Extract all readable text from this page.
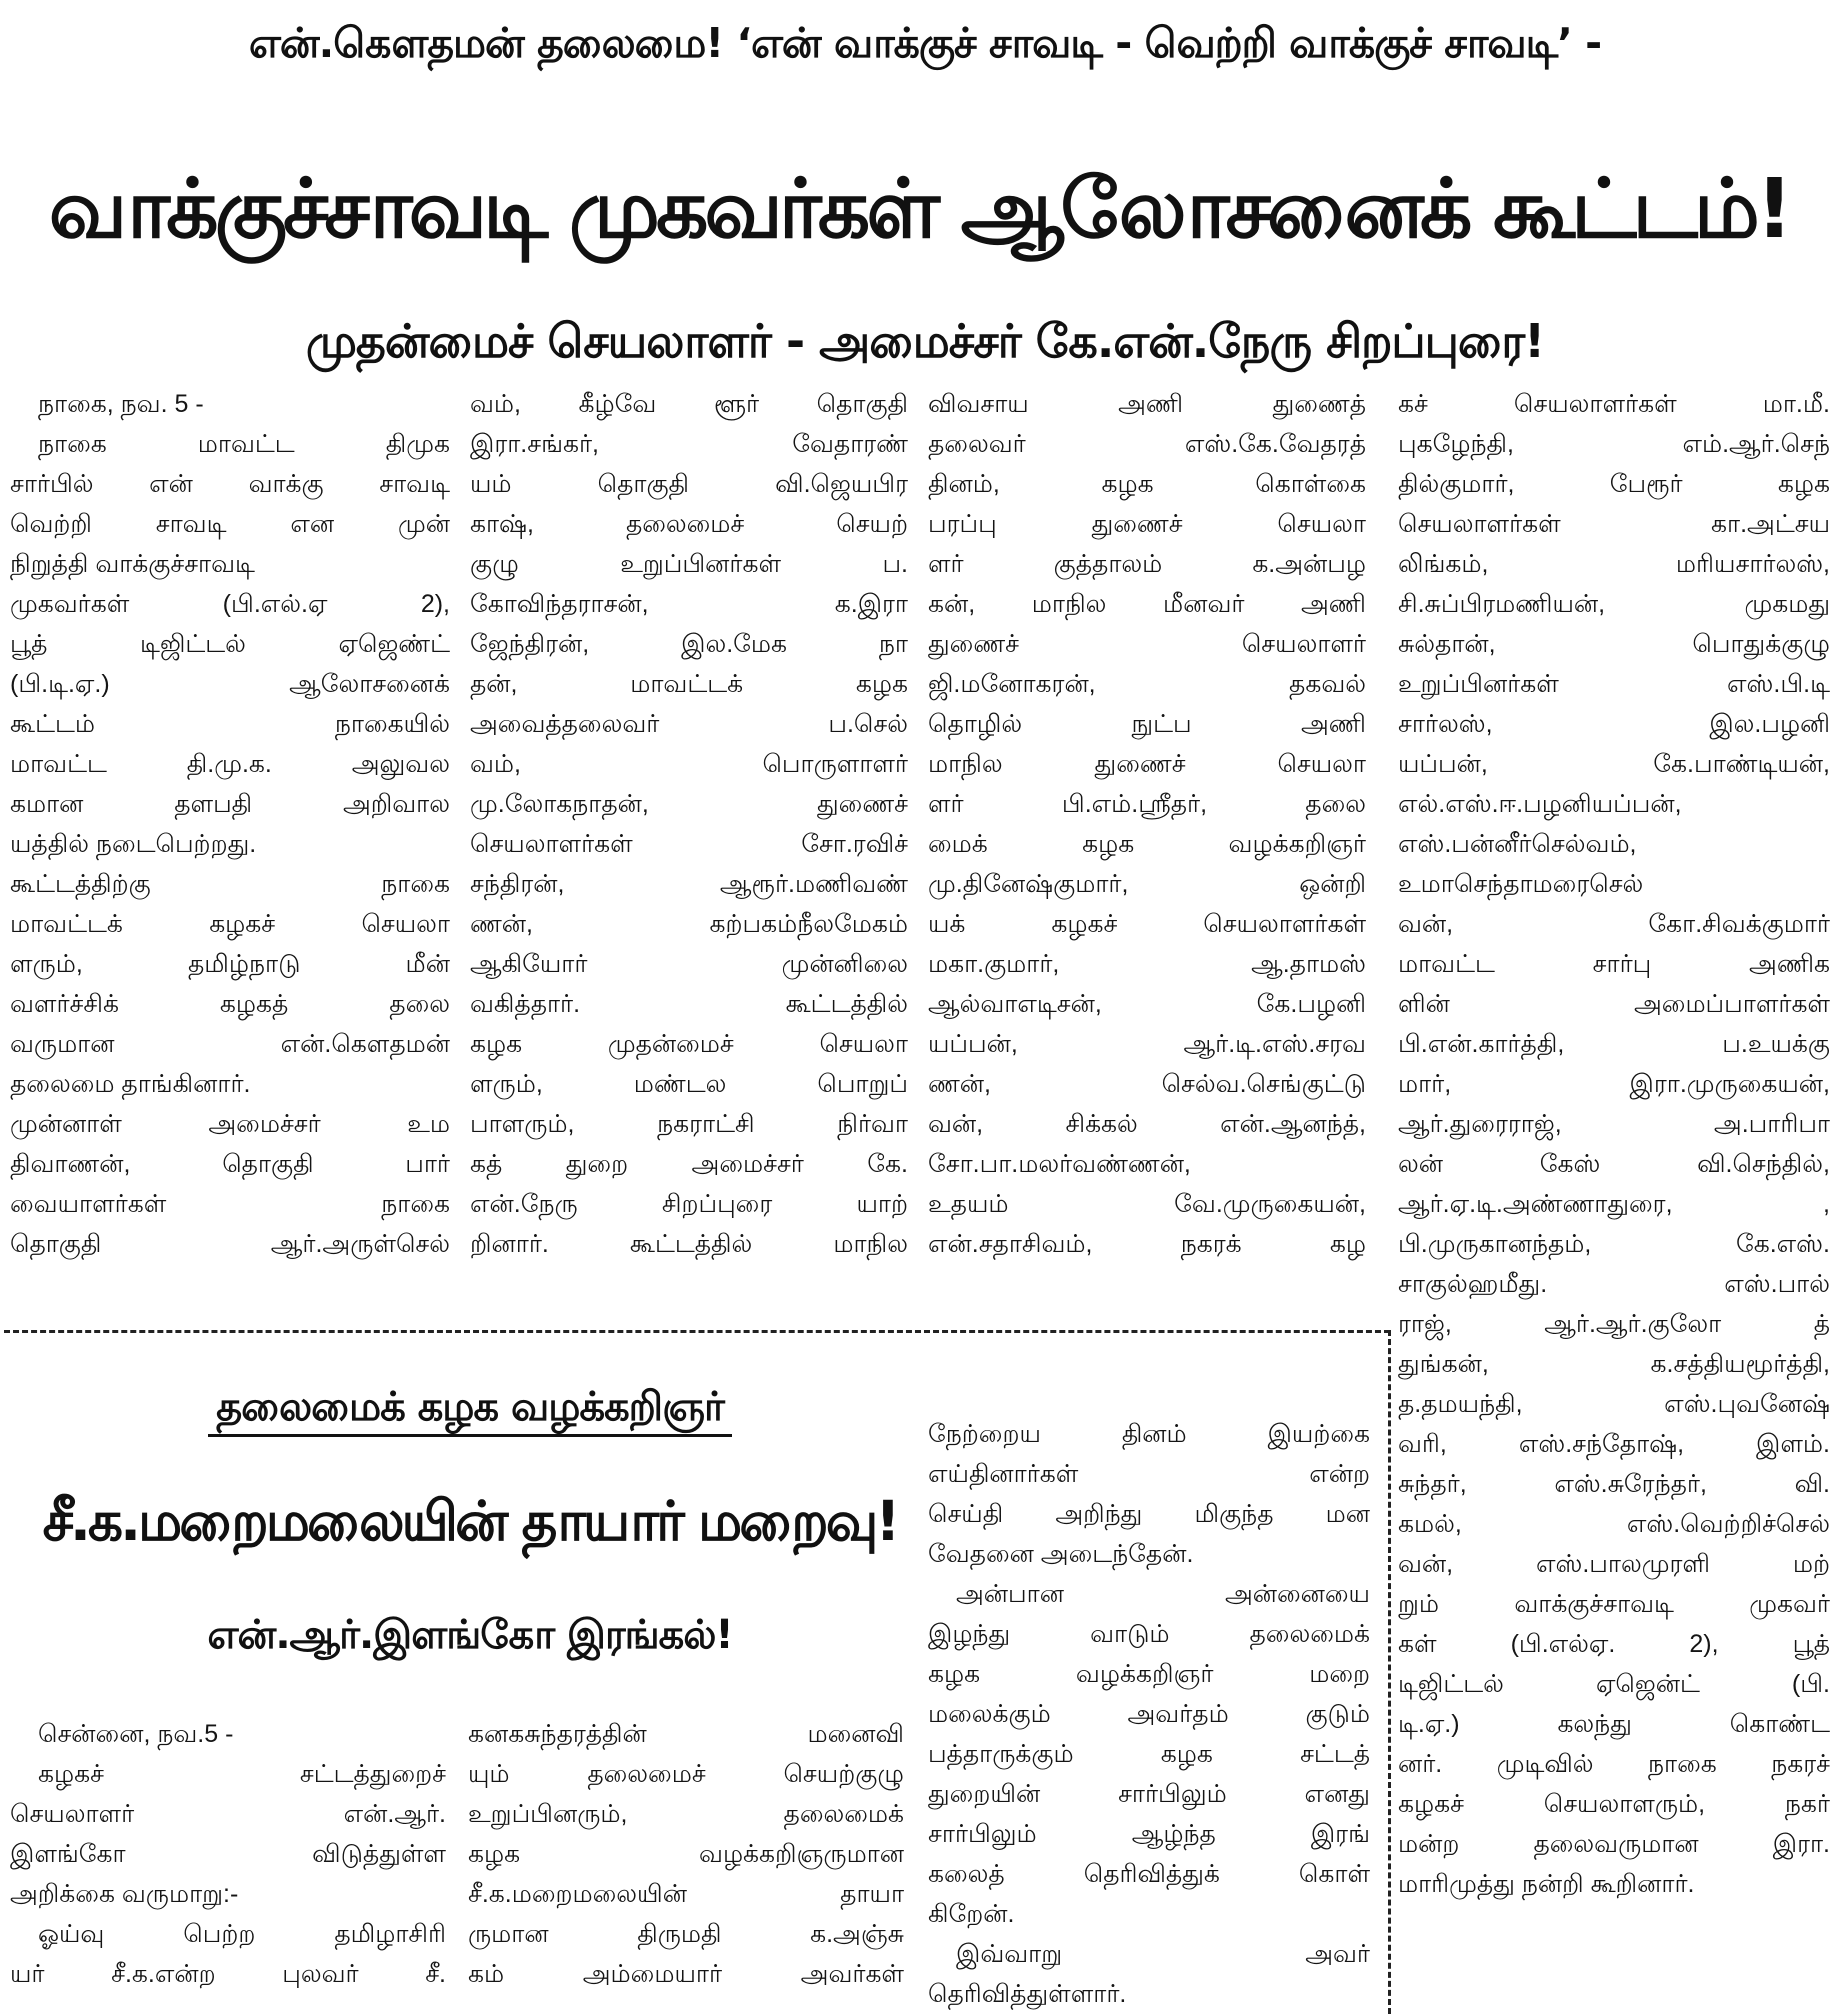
என்.கௌதமன் தலைமை! ‘என் வாக்குச் சாவடி - வெற்றி வாக்குச் சாவடி’ -
வாக்குச்சாவடி முகவர்கள் ஆலோசனைக் கூட்டம்!
முதன்மைச் செயலாளர் - அமைச்சர் கே.என்.நேரு சிறப்புரை!
நாகை, நவ. 5 -
நாகை மாவட்ட திமுக
சார்பில் என் வாக்கு சாவடி
வெற்றி சாவடி என முன்
நிறுத்தி வாக்குச்சாவடி
முகவர்கள் (பி.எல்.ஏ 2),
பூத் டிஜிட்டல் ஏஜெண்ட்
(பி.டி.ஏ.) ஆலோசனைக்
கூட்டம் நாகையில்
மாவட்ட தி.மு.க. அலுவல
கமான தளபதி அறிவால
யத்தில் நடைபெற்றது.
கூட்டத்திற்கு நாகை
மாவட்டக் கழகச் செயலா
ளரும், தமிழ்நாடு மீன்
வளர்ச்சிக் கழகத் தலை
வருமான என்.கௌதமன்
தலைமை தாங்கினார்.
முன்னாள் அமைச்சர் உம
திவாணன், தொகுதி பார்
வையாளர்கள் நாகை
தொகுதி ஆர்.அருள்செல்
வம், கீழ்வே ளூர் தொகுதி
இரா.சங்கர், வேதாரண்
யம் தொகுதி வி.ஜெயபிர
காஷ், தலைமைச் செயற்
குழு உறுப்பினர்கள் ப.
கோவிந்தராசன், க.இரா
ஜேந்திரன், இல.மேக நா
தன், மாவட்டக் கழக
அவைத்தலைவர் ப.செல்
வம், பொருளாளர்
மு.லோகநாதன், துணைச்
செயலாளர்கள் சோ.ரவிச்
சந்திரன், ஆரூர்.மணிவண்
ணன், கற்பகம்நீலமேகம்
ஆகியோர் முன்னிலை
வகித்தார். கூட்டத்தில்
கழக முதன்மைச் செயலா
ளரும், மண்டல பொறுப்
பாளரும், நகராட்சி நிர்வா
கத் துறை அமைச்சர் கே.
என்.நேரு சிறப்புரை யாற்
றினார். கூட்டத்தில் மாநில
விவசாய அணி துணைத்
தலைவர் எஸ்.கே.வேதரத்
தினம், கழக கொள்கை
பரப்பு துணைச் செயலா
ளர் குத்தாலம் க.அன்பழ
கன், மாநில மீனவர் அணி
துணைச் செயலாளர்
ஜி.மனோகரன், தகவல்
தொழில் நுட்ப அணி
மாநில துணைச் செயலா
ளர் பி.எம்.ஸ்ரீதர், தலை
மைக் கழக வழக்கறிஞர்
மு.தினேஷ்குமார், ஒன்றி
யக் கழகச் செயலாளர்கள்
மகா.குமார், ஆ.தாமஸ்
ஆல்வாஎடிசன், கே.பழனி
யப்பன், ஆர்.டி.எஸ்.சரவ
ணன், செல்வ.செங்குட்டு
வன், சிக்கல் என்.ஆனந்த்,
சோ.பா.மலர்வண்ணன்,
உதயம் வே.முருகையன்,
என்.சதாசிவம், நகரக் கழ
கச் செயலாளர்கள் மா.மீ.
புகழேந்தி, எம்.ஆர்.செந்
தில்குமார், பேரூர் கழக
செயலாளர்கள் கா.அட்சய
லிங்கம், மரியசார்லஸ்,
சி.சுப்பிரமணியன், முகமது
சுல்தான், பொதுக்குழு
உறுப்பினர்கள் எஸ்.பி.டி
சார்லஸ், இல.பழனி
யப்பன், கே.பாண்டியன்,
எல்.எஸ்.ஈ.பழனியப்பன்,
எஸ்.பன்னீர்செல்வம்,
உமாசெந்தாமரைசெல்
வன், கோ.சிவக்குமார்
மாவட்ட சார்பு அணிக
ளின் அமைப்பாளர்கள்
பி.என்.கார்த்தி, ப.உயக்கு
மார், இரா.முருகையன்,
ஆர்.துரைராஜ், அ.பாரிபா
லன் கேஸ் வி.செந்தில்,
ஆர்.ஏ.டி.அண்ணாதுரை, ,
பி.முருகானந்தம், கே.எஸ்.
சாகுல்ஹமீது. எஸ்.பால்
ராஜ், ஆர்.ஆர்.குலோ த்
துங்கன், க.சத்தியமூர்த்தி,
த.தமயந்தி, எஸ்.புவனேஷ்
வரி, எஸ்.சந்தோஷ், இளம்.
சுந்தர், எஸ்.சுரேந்தர், வி.
கமல், எஸ்.வெற்றிச்செல்
வன், எஸ்.பாலமுரளி மற்
றும் வாக்குச்சாவடி முகவர்
கள் (பி.எல்ஏ. 2), பூத்
டிஜிட்டல் ஏஜென்ட் (பி.
டி.ஏ.) கலந்து கொண்ட
னர். முடிவில் நாகை நகரச்
கழகச் செயலாளரும், நகர்
மன்ற தலைவருமான இரா.
மாரிமுத்து நன்றி கூறினார்.
தலைமைக் கழக வழக்கறிஞர்
சீ.க.மறைமலையின் தாயார் மறைவு!
என்.ஆர்.இளங்கோ இரங்கல்!
சென்னை, நவ.5 -
கழகச் சட்டத்துறைச்
செயலாளர் என்.ஆர்.
இளங்கோ விடுத்துள்ள
அறிக்கை வருமாறு:-
ஓய்வு பெற்ற தமிழாசிரி
யர் சீ.க.என்ற புலவர் சீ.
கனகசுந்தரத்தின் மனைவி
யும் தலைமைச் செயற்குழு
உறுப்பினரும், தலைமைக்
கழக வழக்கறிஞருமான
சீ.க.மறைமலையின் தாயா
ருமான திருமதி க.அஞ்சு
கம் அம்மையார் அவர்கள்
நேற்றைய தினம் இயற்கை
எய்தினார்கள் என்ற
செய்தி அறிந்து மிகுந்த மன
வேதனை அடைந்தேன்.
அன்பான அன்னையை
இழந்து வாடும் தலைமைக்
கழக வழக்கறிஞர் மறை
மலைக்கும் அவர்தம் குடும்
பத்தாருக்கும் கழக சட்டத்
துறையின் சார்பிலும் எனது
சார்பிலும் ஆழ்ந்த இரங்
கலைத் தெரிவித்துக் கொள்
கிறேன்.
இவ்வாறு அவர்
தெரிவித்துள்ளார்.
